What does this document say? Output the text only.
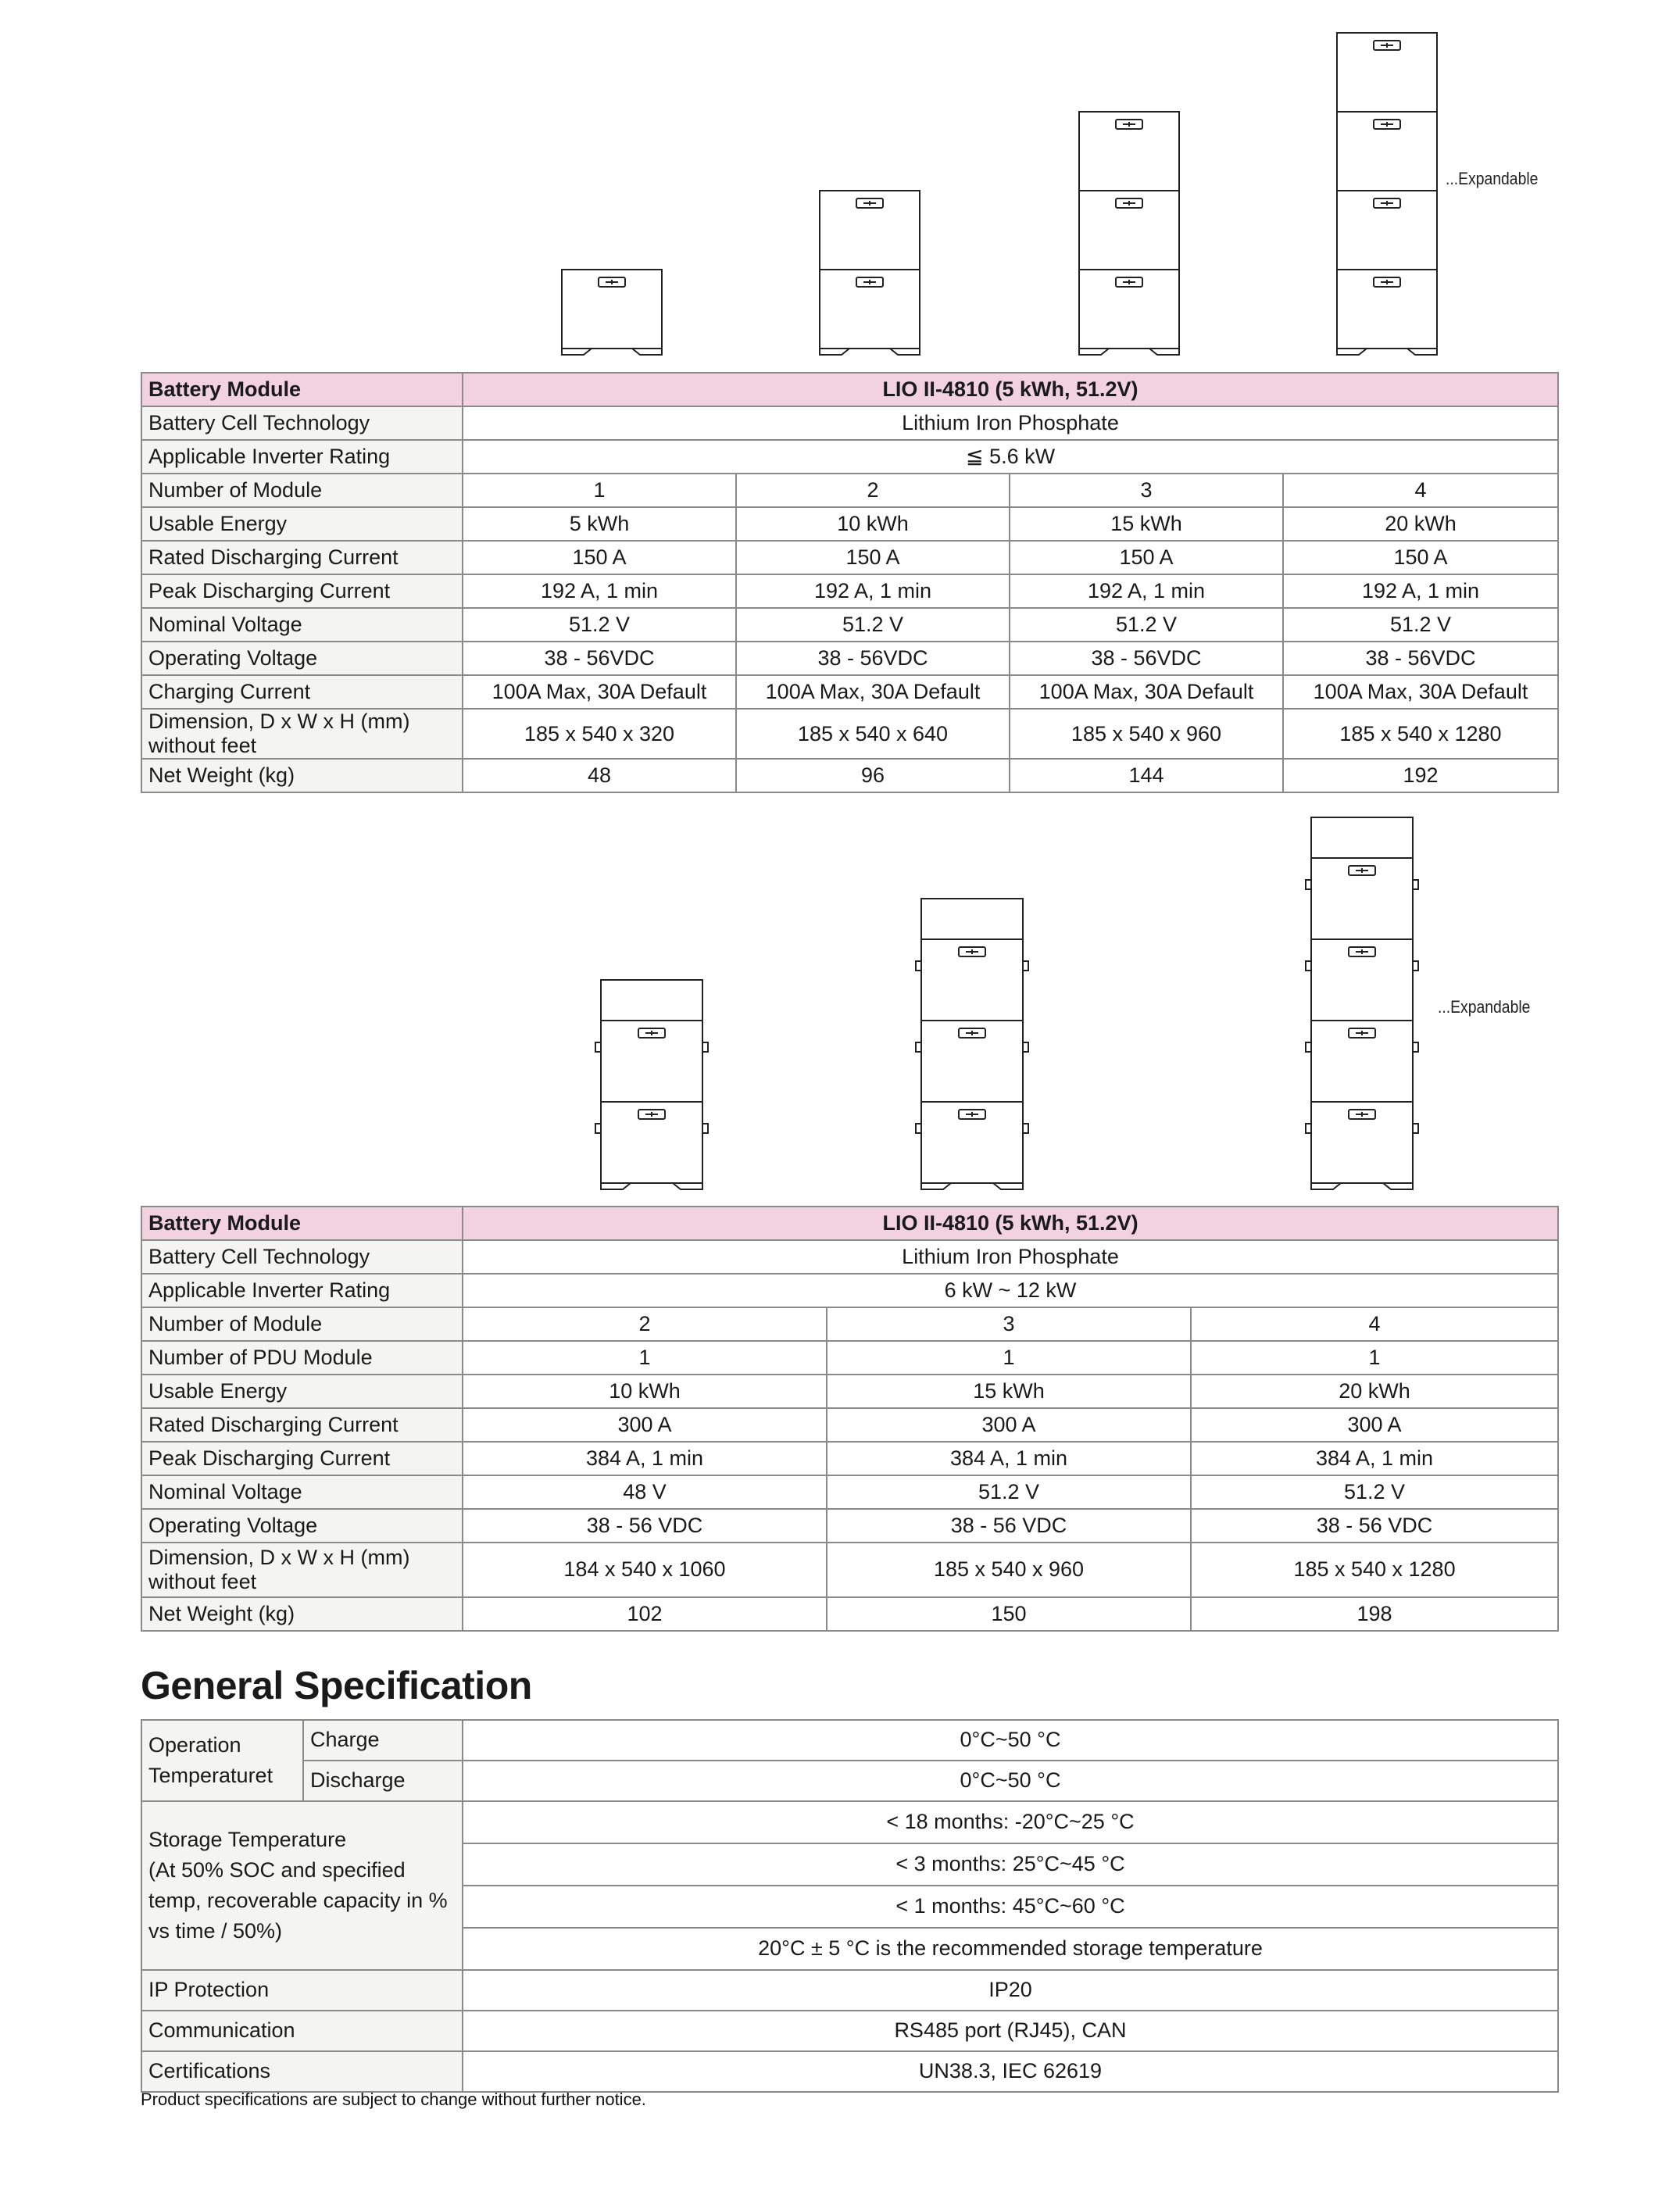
...Expandable
Battery Module	LIO II-4810 (5 kWh, 51.2V)			
Battery Cell Technology	Lithium Iron Phosphate			
Applicable Inverter Rating	≦ 5.6 kW			
Number of Module	1	2	3	4
Usable Energy	5 kWh	10 kWh	15 kWh	20 kWh
Rated Discharging Current	150 A	150 A	150 A	150 A
Peak Discharging Current	192 A, 1 min	192 A, 1 min	192 A, 1 min	192 A, 1 min
Nominal Voltage	51.2 V	51.2 V	51.2 V	51.2 V
Operating Voltage	38 - 56VDC	38 - 56VDC	38 - 56VDC	38 - 56VDC
Charging Current	100A Max, 30A Default	100A Max, 30A Default	100A Max, 30A Default	100A Max, 30A Default
Dimension, D x W x H (mm)
without feet	185 x 540 x 320	185 x 540 x 640	185 x 540 x 960	185 x 540 x 1280
Net Weight (kg)	48	96	144	192
...Expandable
Battery Module	LIO II-4810 (5 kWh, 51.2V)		
Battery Cell Technology	Lithium Iron Phosphate		
Applicable Inverter Rating	6 kW ~ 12 kW		
Number of Module	2	3	4
Number of PDU Module	1	1	1
Usable Energy	10 kWh	15 kWh	20 kWh
Rated Discharging Current	300 A	300 A	300 A
Peak Discharging Current	384 A, 1 min	384 A, 1 min	384 A, 1 min
Nominal Voltage	48 V	51.2 V	51.2 V
Operating Voltage	38 - 56 VDC	38 - 56 VDC	38 - 56 VDC
Dimension, D x W x H (mm)
without feet	184 x 540 x 1060	185 x 540 x 960	185 x 540 x 1280
Net Weight (kg)	102	150	198
General Specification
Operation
Temperaturet	Charge	0°C~50 °C
	Discharge	0°C~50 °C
Storage Temperature
(At 50% SOC and specified
temp, recoverable capacity in %
vs time / 50%)		< 18 months: -20°C~25 °C
		< 3 months: 25°C~45 °C
		< 1 months: 45°C~60 °C
		20°C ± 5 °C is the recommended storage temperature
IP Protection		IP20
Communication		RS485 port (RJ45), CAN
Certifications		UN38.3, IEC 62619

Product specifications are subject to change without further notice.
